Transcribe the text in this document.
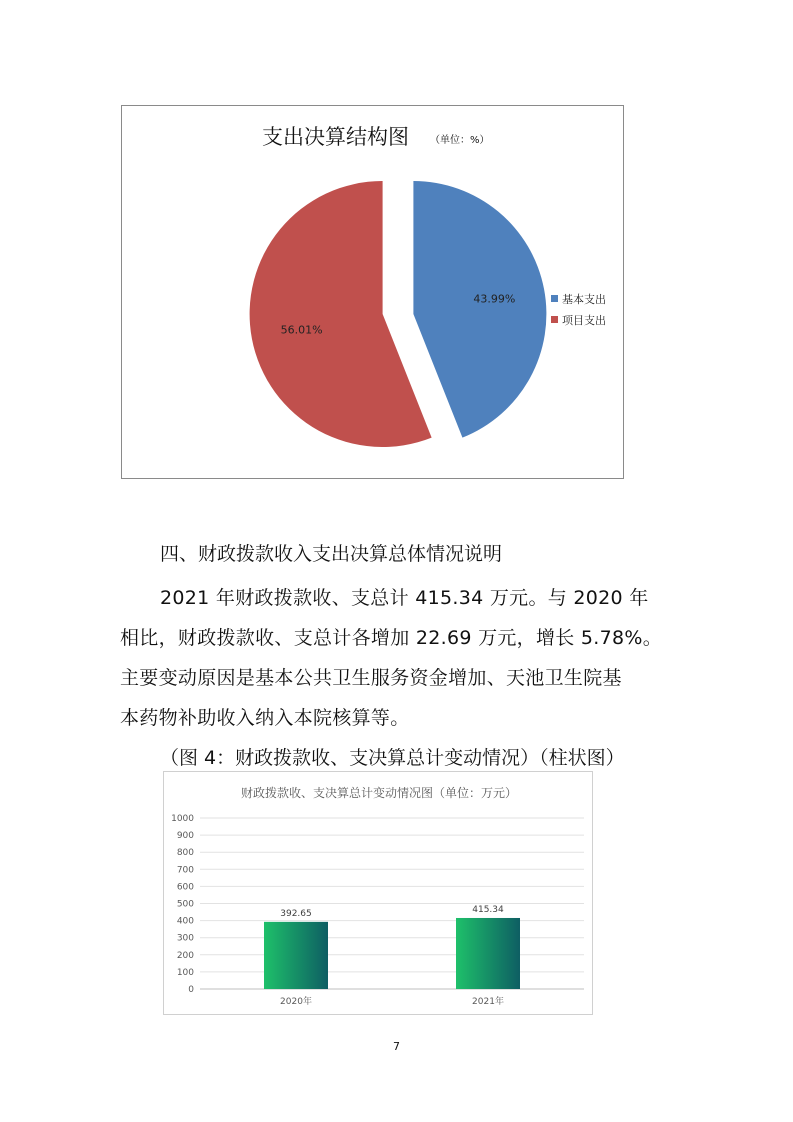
支出决算结构图 （单位：%）
43.99%
56.01%
基本支出
项目支出
四、财政拨款收入支出决算总体情况说明

2021 年财政拨款收、支总计 415.34 万元。与 2020 年

相比，财政拨款收、支总计各增加 22.69 万元，增长 5.78%。

主要变动原因是基本公共卫生服务资金增加、天池卫生院基

本药物补助收入纳入本院核算等。

（图 4：财政拨款收、支决算总计变动情况）（柱状图）
财政拨款收、支决算总计变动情况图（单位：万元）
0
100
200
300
400
500
600
700
800
900
1000
392.65
2020年
415.34
2021年
7
